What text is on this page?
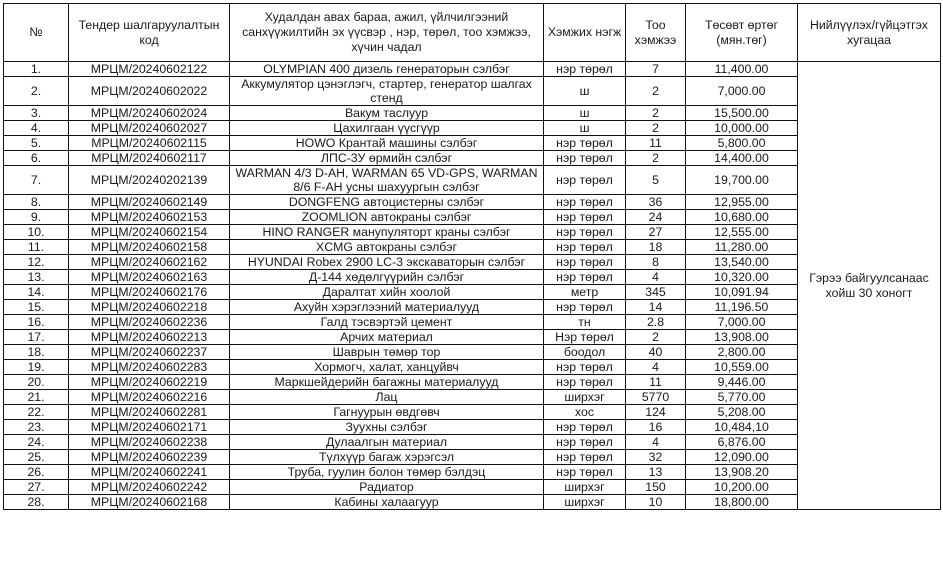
№	Тендер шалгаруулалтын код	Худалдан авах бараа, ажил, үйлчилгээний санхүүжилтийн эх үүсвэр , нэр, төрөл, тоо хэмжээ, хүчин чадал	Хэмжих нэгж	Тоо хэмжээ	Төсөвт өртөг (мян.төг)	Нийлүүлэх/гүйцэтгэх хугацаа
1.	МРЦМ/20240602122	OLYMPIAN 400 дизель генераторын сэлбэг	нэр төрөл	7	11,400.00	Гэрээ байгуулсанаас хойш 30 хоногт
2.	МРЦМ/20240602022	Аккумулятор цэнэглэгч, стартер, генератор шалгах стенд	ш	2	7,000.00	
3.	МРЦМ/20240602024	Вакум таслуур	ш	2	15,500.00	
4.	МРЦМ/20240602027	Цахилгаан үүсгүүр	ш	2	10,000.00	
5.	МРЦМ/20240602115	HOWO Крантай машины сэлбэг	нэр төрөл	11	5,800.00	
6.	МРЦМ/20240602117	ЛПС-3У өрмийн сэлбэг	нэр төрөл	2	14,400.00	
7.	МРЦМ/20240202139	WARMAN 4/3 D-AH, WARMAN 65 VD-GPS, WARMAN 8/6 F-AH усны шахуургын сэлбэг	нэр төрөл	5	19,700.00	
8.	МРЦМ/20240602149	DONGFENG автоцистерны сэлбэг	нэр төрөл	36	12,955.00	
9.	МРЦМ/20240602153	ZOOMLION автокраны сэлбэг	нэр төрөл	24	10,680.00	
10.	МРЦМ/20240602154	HINO RANGER манупуляторт краны сэлбэг	нэр төрөл	27	12,555.00	
11.	МРЦМ/20240602158	XCMG автокраны сэлбэг	нэр төрөл	18	11,280.00	
12.	МРЦМ/20240602162	HYUNDAI Robex 2900 LC-3 экскаваторын сэлбэг	нэр төрөл	8	13,540.00	
13.	МРЦМ/20240602163	Д-144 хөдөлгүүрийн сэлбэг	нэр төрөл	4	10,320.00	
14.	МРЦМ/20240602176	Даралтат хийн хоолой	метр	345	10,091.94	
15.	МРЦМ/20240602218	Ахуйн хэрэглээний материалууд	нэр төрөл	14	11,196.50	
16.	МРЦМ/20240602236	Галд тэсвэртэй цемент	тн	2.8	7,000.00	
17.	МРЦМ/20240602213	Арчих материал	Нэр төрөл	2	13,908.00	
18.	МРЦМ/20240602237	Шаврын төмөр тор	боодол	40	2,800.00	
19.	МРЦМ/20240602283	Хормогч, халат, ханцуйвч	нэр төрөл	4	10,559.00	
20.	МРЦМ/20240602219	Маркшейдерийн багажны материалууд	нэр төрөл	11	9,446.00	
21.	МРЦМ/20240602216	Лац	ширхэг	5770	5,770.00	
22.	МРЦМ/20240602281	Гагнуурын өвдгөвч	хос	124	5,208.00	
23.	МРЦМ/20240602171	Зуухны сэлбэг	нэр төрөл	16	10,484,10	
24.	МРЦМ/20240602238	Дулаалгын материал	нэр төрөл	4	6,876.00	
25.	МРЦМ/20240602239	Түлхүүр багаж хэрэгсэл	нэр төрөл	32	12,090.00	
26.	МРЦМ/20240602241	Труба, гуулин болон төмөр бэлдэц	нэр төрөл	13	13,908.20	
27.	МРЦМ/20240602242	Радиатор	ширхэг	150	10,200.00	
28.	МРЦМ/20240602168	Кабины халаагуур	ширхэг	10	18,800.00	
